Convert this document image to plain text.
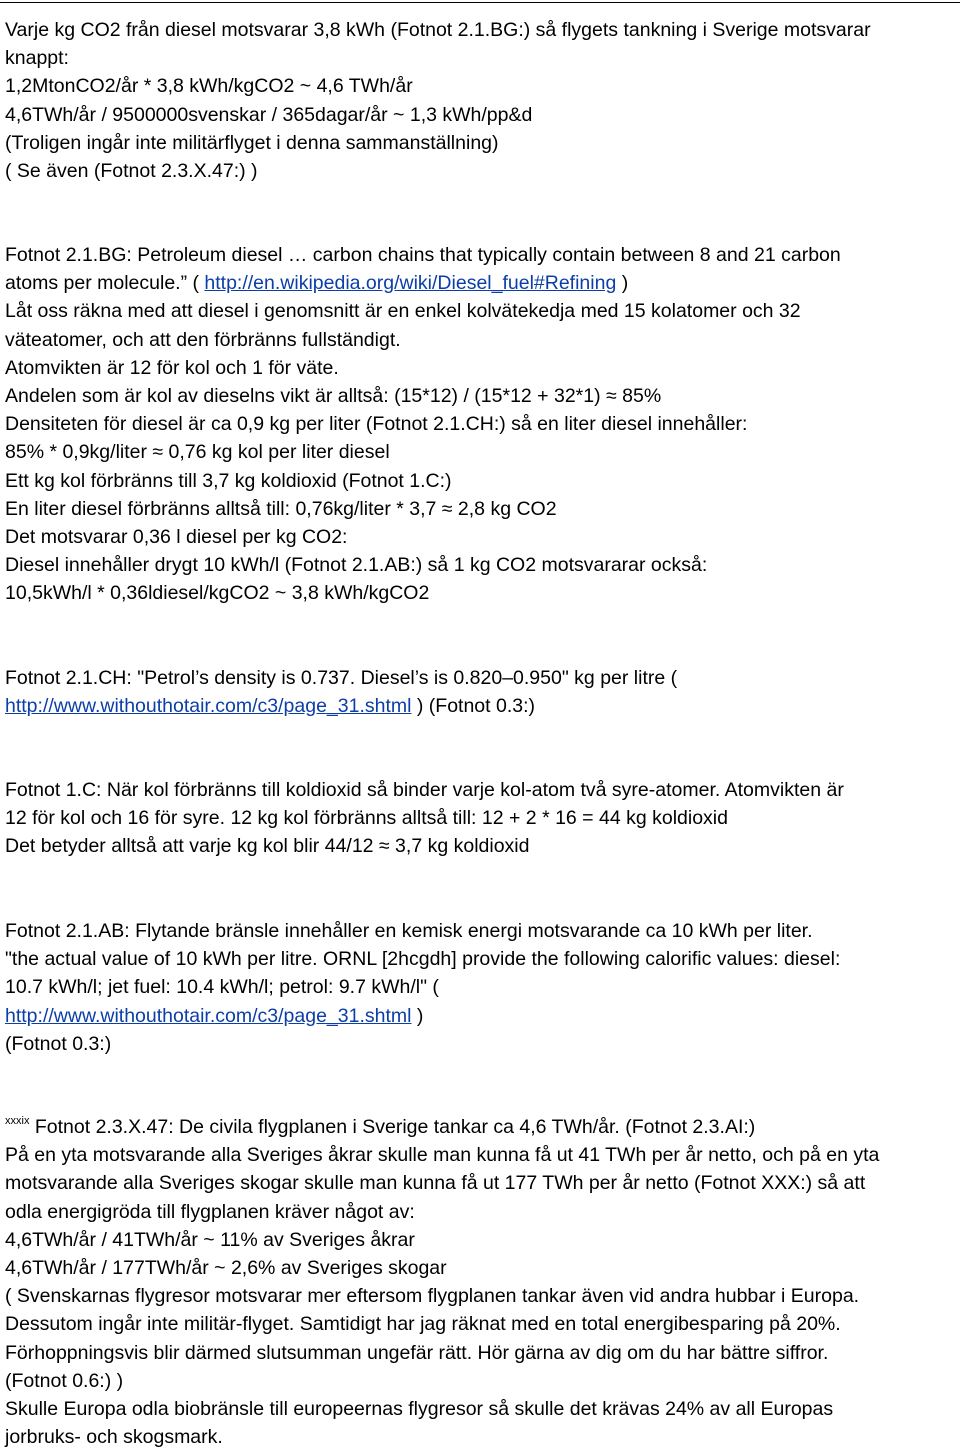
Varje kg CO2 från diesel motsvarar 3,8 kWh (Fotnot 2.1.BG:) så flygets tankning i Sverige motsvarar
knappt:
1,2MtonCO2/år * 3,8 kWh/kgCO2 ~ 4,6 TWh/år
4,6TWh/år / 9500000svenskar / 365dagar/år ~ 1,3 kWh/pp&d
(Troligen ingår inte militärflyget i denna sammanställning)
( Se även (Fotnot 2.3.X.47:) )
Fotnot 2.1.BG: Petroleum diesel … carbon chains that typically contain between 8 and 21 carbon
atoms per molecule.” ( http://en.wikipedia.org/wiki/Diesel_fuel#Refining )
Låt oss räkna med att diesel i genomsnitt är en enkel kolvätekedja med 15 kolatomer och 32
väteatomer, och att den förbränns fullständigt.
Atomvikten är 12 för kol och 1 för väte.
Andelen som är kol av dieselns vikt är alltså: (15*12) / (15*12 + 32*1) ≈ 85%
Densiteten för diesel är ca 0,9 kg per liter (Fotnot 2.1.CH:) så en liter diesel innehåller:
85% * 0,9kg/liter ≈ 0,76 kg kol per liter diesel
Ett kg kol förbränns till 3,7 kg koldioxid (Fotnot 1.C:)
En liter diesel förbränns alltså till: 0,76kg/liter * 3,7 ≈ 2,8 kg CO2
Det motsvarar 0,36 l diesel per kg CO2:
Diesel innehåller drygt 10 kWh/l (Fotnot 2.1.AB:) så 1 kg CO2 motsvararar också:
10,5kWh/l * 0,36ldiesel/kgCO2 ~ 3,8 kWh/kgCO2
Fotnot 2.1.CH: "Petrol’s density is 0.737. Diesel’s is 0.820–0.950" kg per litre (
http://www.withouthotair.com/c3/page_31.shtml ) (Fotnot 0.3:)
Fotnot 1.C: När kol förbränns till koldioxid så binder varje kol-atom två syre-atomer. Atomvikten är
12 för kol och 16 för syre. 12 kg kol förbränns alltså till: 12 + 2 * 16 = 44 kg koldioxid
Det betyder alltså att varje kg kol blir 44/12 ≈ 3,7 kg koldioxid
Fotnot 2.1.AB: Flytande bränsle innehåller en kemisk energi motsvarande ca 10 kWh per liter.
"the actual value of 10 kWh per litre. ORNL [2hcgdh] provide the following calorific values: diesel:
10.7 kWh/l; jet fuel: 10.4 kWh/l; petrol: 9.7 kWh/l" (
http://www.withouthotair.com/c3/page_31.shtml )
(Fotnot 0.3:)
$^{xxxix}$ Fotnot 2.3.X.47: De civila flygplanen i Sverige tankar ca 4,6 TWh/år. (Fotnot 2.3.AI:)
På en yta motsvarande alla Sveriges åkrar skulle man kunna få ut 41 TWh per år netto, och på en yta
motsvarande alla Sveriges skogar skulle man kunna få ut 177 TWh per år netto (Fotnot XXX:) så att
odla energigröda till flygplanen kräver något av:
4,6TWh/år / 41TWh/år ~ 11% av Sveriges åkrar
4,6TWh/år / 177TWh/år ~ 2,6% av Sveriges skogar
( Svenskarnas flygresor motsvarar mer eftersom flygplanen tankar även vid andra hubbar i Europa.
Dessutom ingår inte militär-flyget. Samtidigt har jag räknat med en total energibesparing på 20%.
Förhoppningsvis blir därmed slutsumman ungefär rätt. Hör gärna av dig om du har bättre siffror.
(Fotnot 0.6:) )
Skulle Europa odla biobränsle till europeernas flygresor så skulle det krävas 24% av all Europas
jorbruks- och skogsmark.
